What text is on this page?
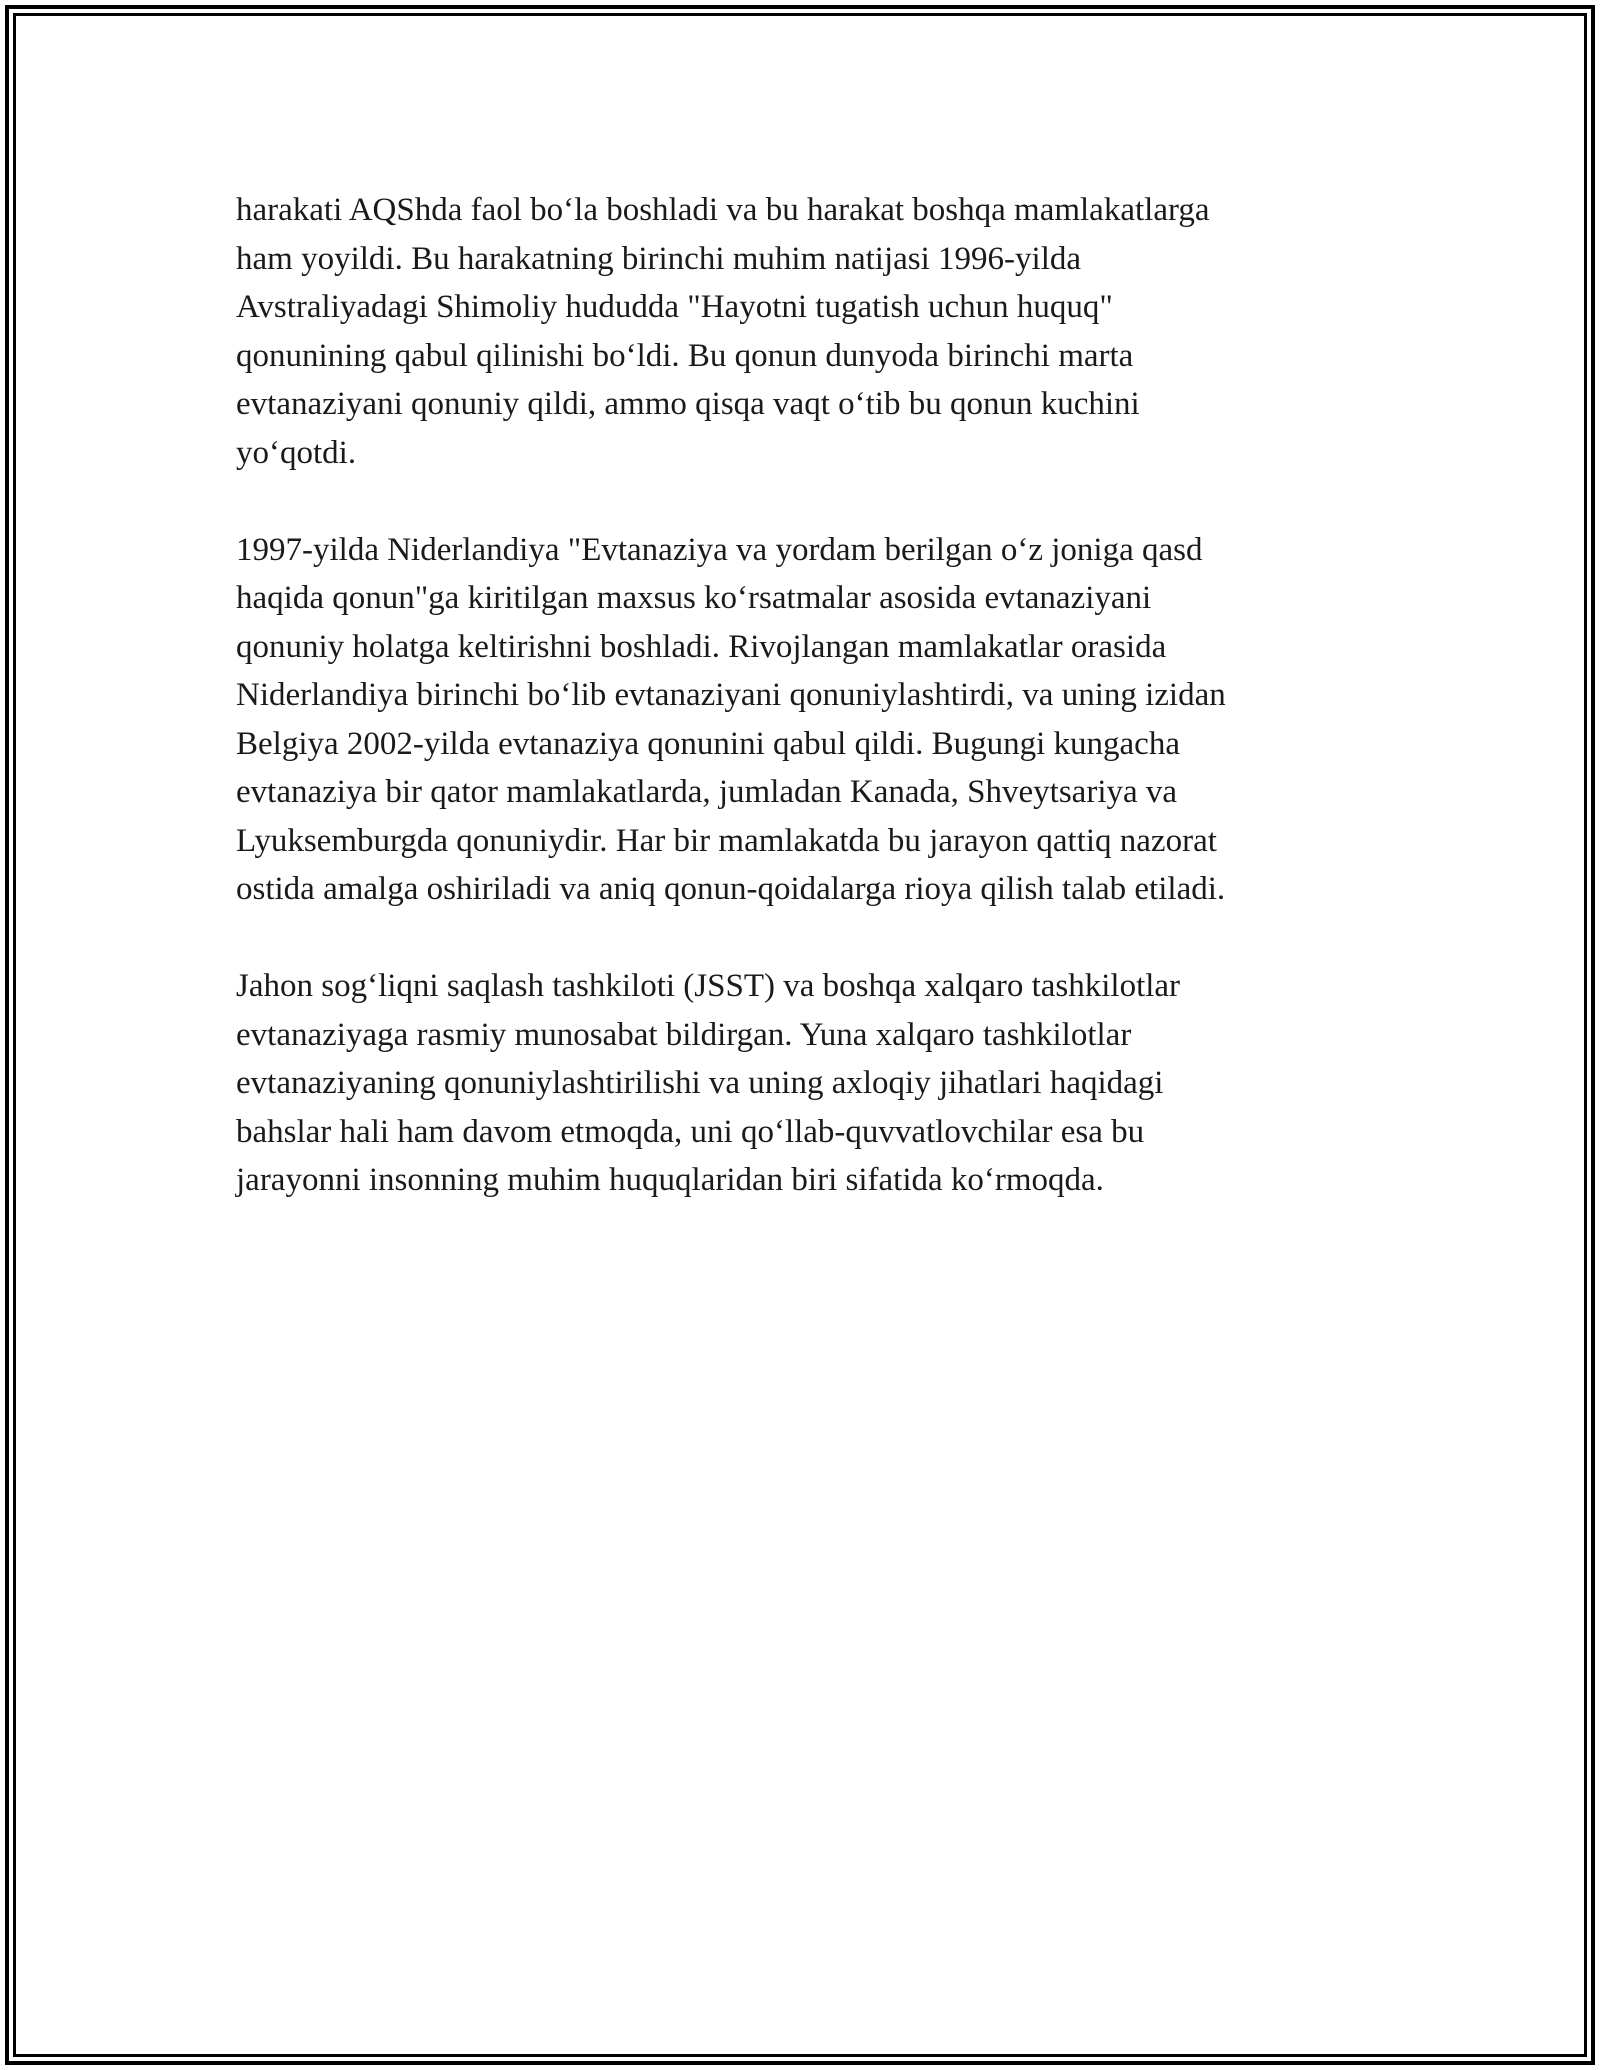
harakati AQShda faol bo‘la boshladi va bu harakat boshqa mamlakatlarga
ham yoyildi. Bu harakatning birinchi muhim natijasi 1996-yilda
Avstraliyadagi Shimoliy hududda "Hayotni tugatish uchun huquq"
qonunining qabul qilinishi bo‘ldi. Bu qonun dunyoda birinchi marta
evtanaziyani qonuniy qildi, ammo qisqa vaqt o‘tib bu qonun kuchini
yo‘qotdi.

1997-yilda Niderlandiya "Evtanaziya va yordam berilgan o‘z joniga qasd
haqida qonun"ga kiritilgan maxsus ko‘rsatmalar asosida evtanaziyani
qonuniy holatga keltirishni boshladi. Rivojlangan mamlakatlar orasida
Niderlandiya birinchi bo‘lib evtanaziyani qonuniylashtirdi, va uning izidan
Belgiya 2002-yilda evtanaziya qonunini qabul qildi. Bugungi kungacha
evtanaziya bir qator mamlakatlarda, jumladan Kanada, Shveytsariya va
Lyuksemburgda qonuniydir. Har bir mamlakatda bu jarayon qattiq nazorat
ostida amalga oshiriladi va aniq qonun-qoidalarga rioya qilish talab etiladi.

Jahon sog‘liqni saqlash tashkiloti (JSST) va boshqa xalqaro tashkilotlar
evtanaziyaga rasmiy munosabat bildirgan. Yuna xalqaro tashkilotlar
evtanaziyaning qonuniylashtirilishi va uning axloqiy jihatlari haqidagi
bahslar hali ham davom etmoqda, uni qo‘llab-quvvatlovchilar esa bu
jarayonni insonning muhim huquqlaridan biri sifatida ko‘rmoqda.
